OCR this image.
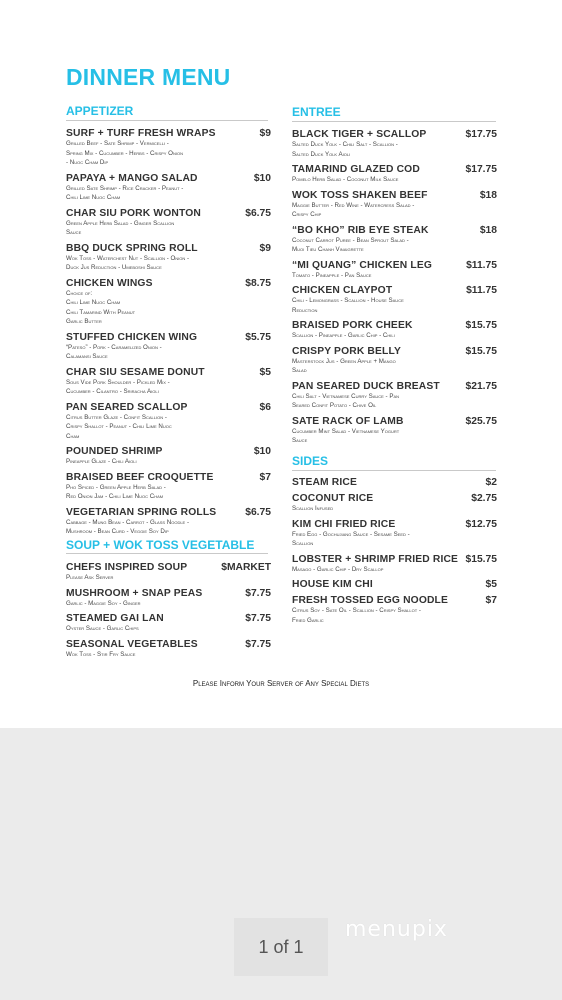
DINNER MENU
APPETIZER
SURF + TURF FRESH WRAPS	$9
Grilled Beef - Sate Shrimp - Vermicelli -
Spring Mix - Cucumber - Herbs - Crispy Onion
- Nuoc Cham Dip
PAPAYA + MANGO SALAD	$10
Grilled Sate Shrimp - Rice Cracker - Peanut -
Chili Lime Nuoc Cham
CHAR SIU PORK WONTON	$6.75
Green Apple Herb Salad - Ginger Scallion
Sauce
BBQ DUCK SPRING ROLL	$9
Wok Toss - Waterchest Nut - Scallion - Onion -
Duck Jus Reduction - Umeboshi Sauce
CHICKEN WINGS	$8.75
Choice of:
Chili Lime Nuoc Cham
Chili Tamarind With Peanut
Garlic Butter
STUFFED CHICKEN WING	$5.75
“Pateso” - Pork - Caramelized Onion -
Calamansi Sauce
CHAR SIU SESAME DONUT	$5
Sous Vide Pork Shoulder - Pickled Mix -
Cucumber - Cilantro - Sriracha Aioli
PAN SEARED SCALLOP	$6
Citrus Butter Glaze - Confit Scallion -
Crispy Shallot - Peanut - Chili Lime Nuoc
Cham
POUNDED SHRIMP	$10
Pineapple Glaze - Chili Aioli
BRAISED BEEF CROQUETTE	$7
Pho Spiced - Green Apple Herb Salad -
Red Onion Jam - Chili Lime Nuoc Cham
VEGETARIAN SPRING ROLLS	$6.75
Cabbage - Mung Bean - Carrot - Glass Noodle -
Mushroom - Bean Curd - Veggie Soy Dip
SOUP + WOK TOSS VEGETABLE
CHEFS INSPIRED SOUP	$MARKET
Please Ask Server
MUSHROOM + SNAP PEAS	$7.75
Garlic - Maggie Soy - Ginger
STEAMED GAI LAN	$7.75
Oyster Sauce - Garlic Chips
SEASONAL VEGETABLES	$7.75
Wok Toss - Stir Fry Sauce
ENTREE
BLACK TIGER + SCALLOP	$17.75
Salted Duck Yolk - Chili Salt - Scallion -
Salted Duck Yolk Aioli
TAMARIND GLAZED COD	$17.75
Pomelo Herb Salad - Coconut Milk Sauce
WOK TOSS SHAKEN BEEF	$18
Maggie Butter - Red Wine - Watercress Salad -
Crispy Chip
“BO KHO” RIB EYE STEAK	$18
Coconut Carrot Puree - Bean Sprout Salad -
Muoi Tieu Chanh Vinaigrette
“MI QUANG” CHICKEN LEG	$11.75
Tomato - Pineapple - Pan Sauce
CHICKEN CLAYPOT	$11.75
Chili - Lemongrass - Scallion - House Sauce
Reduction
BRAISED PORK CHEEK	$15.75
Scallion - Pineapple - Garlic Chip - Chili
CRISPY PORK BELLY	$15.75
Masterstock Jus - Green Apple + Mango
Salad
PAN SEARED DUCK BREAST $21.75
Chili Salt - Vietnamese Curry Sauce - Pan
Seared Confit Potato - Chive Oil
SATE RACK OF LAMB	$25.75
Cucumber Mint Salad - Vietnamese Yogurt
Sauce
SIDES
STEAM RICE	$2
COCONUT RICE	$2.75
Scallion Infused
KIM CHI FRIED RICE	$12.75
Fried Egg - Gochujiang Sauce - Sesame Seed -
Scallion
LOBSTER + SHRIMP FRIED RICE $15.75
Masago - Garlic Chip - Dry Scallop
HOUSE KIM CHI	$5
FRESH TOSSED EGG NOODLE	$7
Citrus Soy - Sate Oil - Scallion - Crispy Shallot -
Fried Garlic
Please Inform Your Server of Any Special Diets
1 of 1
menupix
